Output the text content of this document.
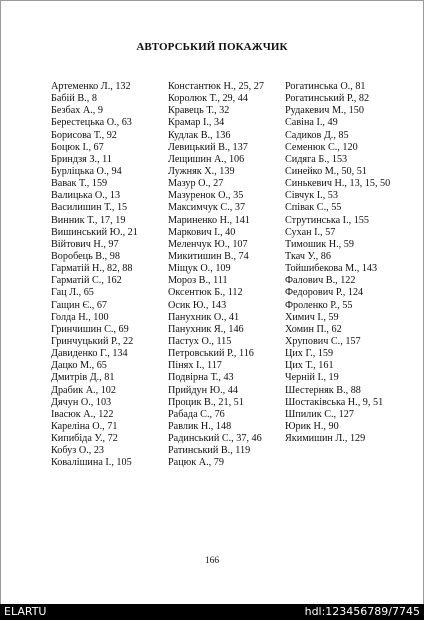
АВТОРСЬКИЙ ПОКАЖЧИК
Артеменко Л., 132
Бабій В., 8
Безбах А., 9
Берестецька О., 63
Борисова Т., 92
Боцюк І., 67
Бриндзя З., 11
Бурліцька О., 94
Вавак Т., 159
Валицька О., 13
Василишин Т., 15
Винник Т., 17, 19
Вишинський Ю., 21
Війтович Н., 97
Воробець В., 98
Гарматій Н., 82, 88
Гарматій С., 162
Гац Л., 65
Гащин Є., 67
Голда Н., 100
Гринчишин С., 69
Гринчуцький Р., 22
Давиденко Г., 134
Дацко М., 65
Дмитрів Д., 81
Драбик А., 102
Дячун О., 103
Івасюк А., 122
Кареліна О., 71
Кипибіда У., 72
Кобуз О., 23
Ковалішина І., 105
Константюк Н., 25, 27
Королюк Т., 29, 44
Кравець Т., 32
Крамар І., 34
Кудлак В., 136
Левицький В., 137
Лещишин А., 106
Лужняк Х., 139
Мазур О., 27
Мазуренок О., 35
Максимчук С., 37
Мариненко Н., 141
Маркович І., 40
Меленчук Ю., 107
Микитишин В., 74
Міщук О., 109
Мороз В., 111
Оксентюк Б., 112
Осик Ю., 143
Панухник О., 41
Панухник Я., 146
Пастух О., 115
Петровський Р., 116
Пінях І., 117
Подвірна Т., 43
Прийдун Ю., 44
Процик В., 21, 51
Рабада С., 76
Равлик Н., 148
Радинський С., 37, 46
Ратинський В., 119
Рацюк А., 79
Рогатинська О., 81
Рогатинський Р., 82
Рудакевич М., 150
Савіна І., 49
Садиков Д., 85
Семенюк С., 120
Сидяга Б., 153
Синейко М., 50, 51
Синькевич Н., 13, 15, 50
Сівчук І., 53
Співак С., 55
Струтинська І., 155
Сухан І., 57
Тимошик Н., 59
Ткач У., 86
Тойшибекова М., 143
Фалович В., 122
Федорович Р., 124
Фроленко Р., 55
Химич І., 59
Хомин П., 62
Хрупович С., 157
Цих Г., 159
Цих Т., 161
Черній І., 19
Шестерняк В., 88
Шостаківська Н., 9, 51
Шпилик С., 127
Юрик Н., 90
Якимишин Л., 129
166
ELARTU	hdl:123456789/7745
